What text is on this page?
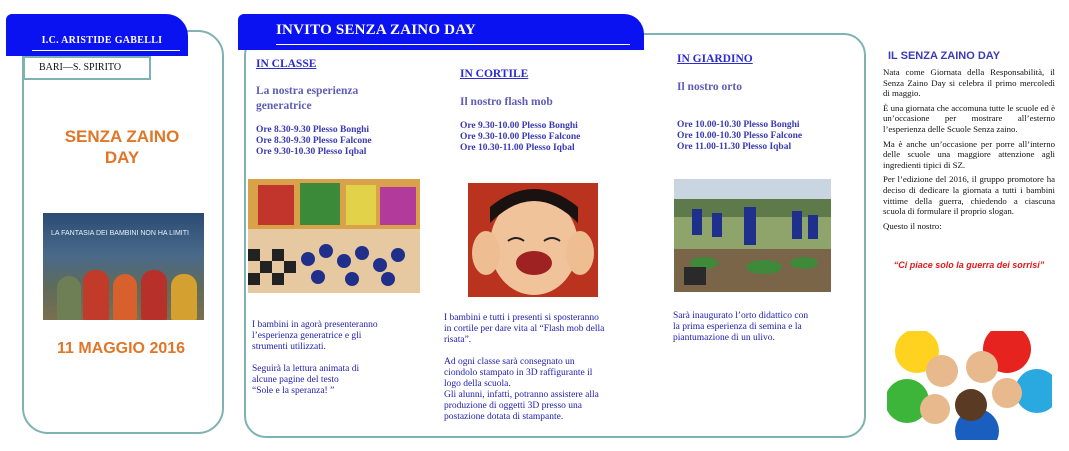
I.C. ARISTIDE GABELLI
BARI—S. SPIRITO
SENZA ZAINO
DAY
LA FANTASIA DEI BAMBINI NON HA LIMITI
11 MAGGIO 2016
INVITO SENZA ZAINO DAY
IN CLASSE
La nostra esperienza
generatrice
Ore 8.30-9.30 Plesso Bonghi
Ore 8.30-9.30 Plesso Falcone
Ore 9.30-10.30 Plesso Iqbal
I bambini in agorà presenteranno
l’esperienza generatrice e gli
strumenti utilizzati.
Seguirà la lettura animata di
alcune pagine del testo
“Sole e la speranza! ”
IN CORTILE
Il nostro flash mob
Ore 9.30-10.00 Plesso Bonghi
Ore 9.30-10.00 Plesso Falcone
Ore 10.30-11.00 Plesso Iqbal
I bambini e tutti i presenti si sposteranno
in cortile per dare vita al “Flash mob della
risata”.
Ad ogni classe sarà consegnato un
ciondolo stampato in 3D raffigurante il
logo della scuola.
Gli alunni, infatti, potranno assistere alla
produzione di oggetti 3D presso una
postazione dotata di stampante.
IN GIARDINO
Il nostro orto
Ore 10.00-10.30 Plesso Bonghi
Ore 10.00-10.30 Plesso Falcone
Ore 11.00-11.30 Plesso Iqbal
Sarà inaugurato l’orto didattico con
la prima esperienza di semina e la
piantumazione di un ulivo.
IL SENZA ZAINO DAY

Nata come Giornata della Responsabilità, il Senza Zaino Day si celebra il primo mercoledì di maggio.

È una giornata che accomuna tutte le scuole ed è un’occasione per mostrare all’esterno l’esperienza delle Scuole Senza zaino.

Ma è anche un’occasione per porre all’interno delle scuole una maggiore attenzione agli ingredienti tipici di SZ.

Per l’edizione del 2016, il gruppo promotore ha deciso di dedicare la giornata a tutti i bambini vittime della guerra, chiedendo a ciascuna scuola di formulare il proprio slogan.

Questo il nostro:

“Ci piace solo la guerra dei sorrisi”
